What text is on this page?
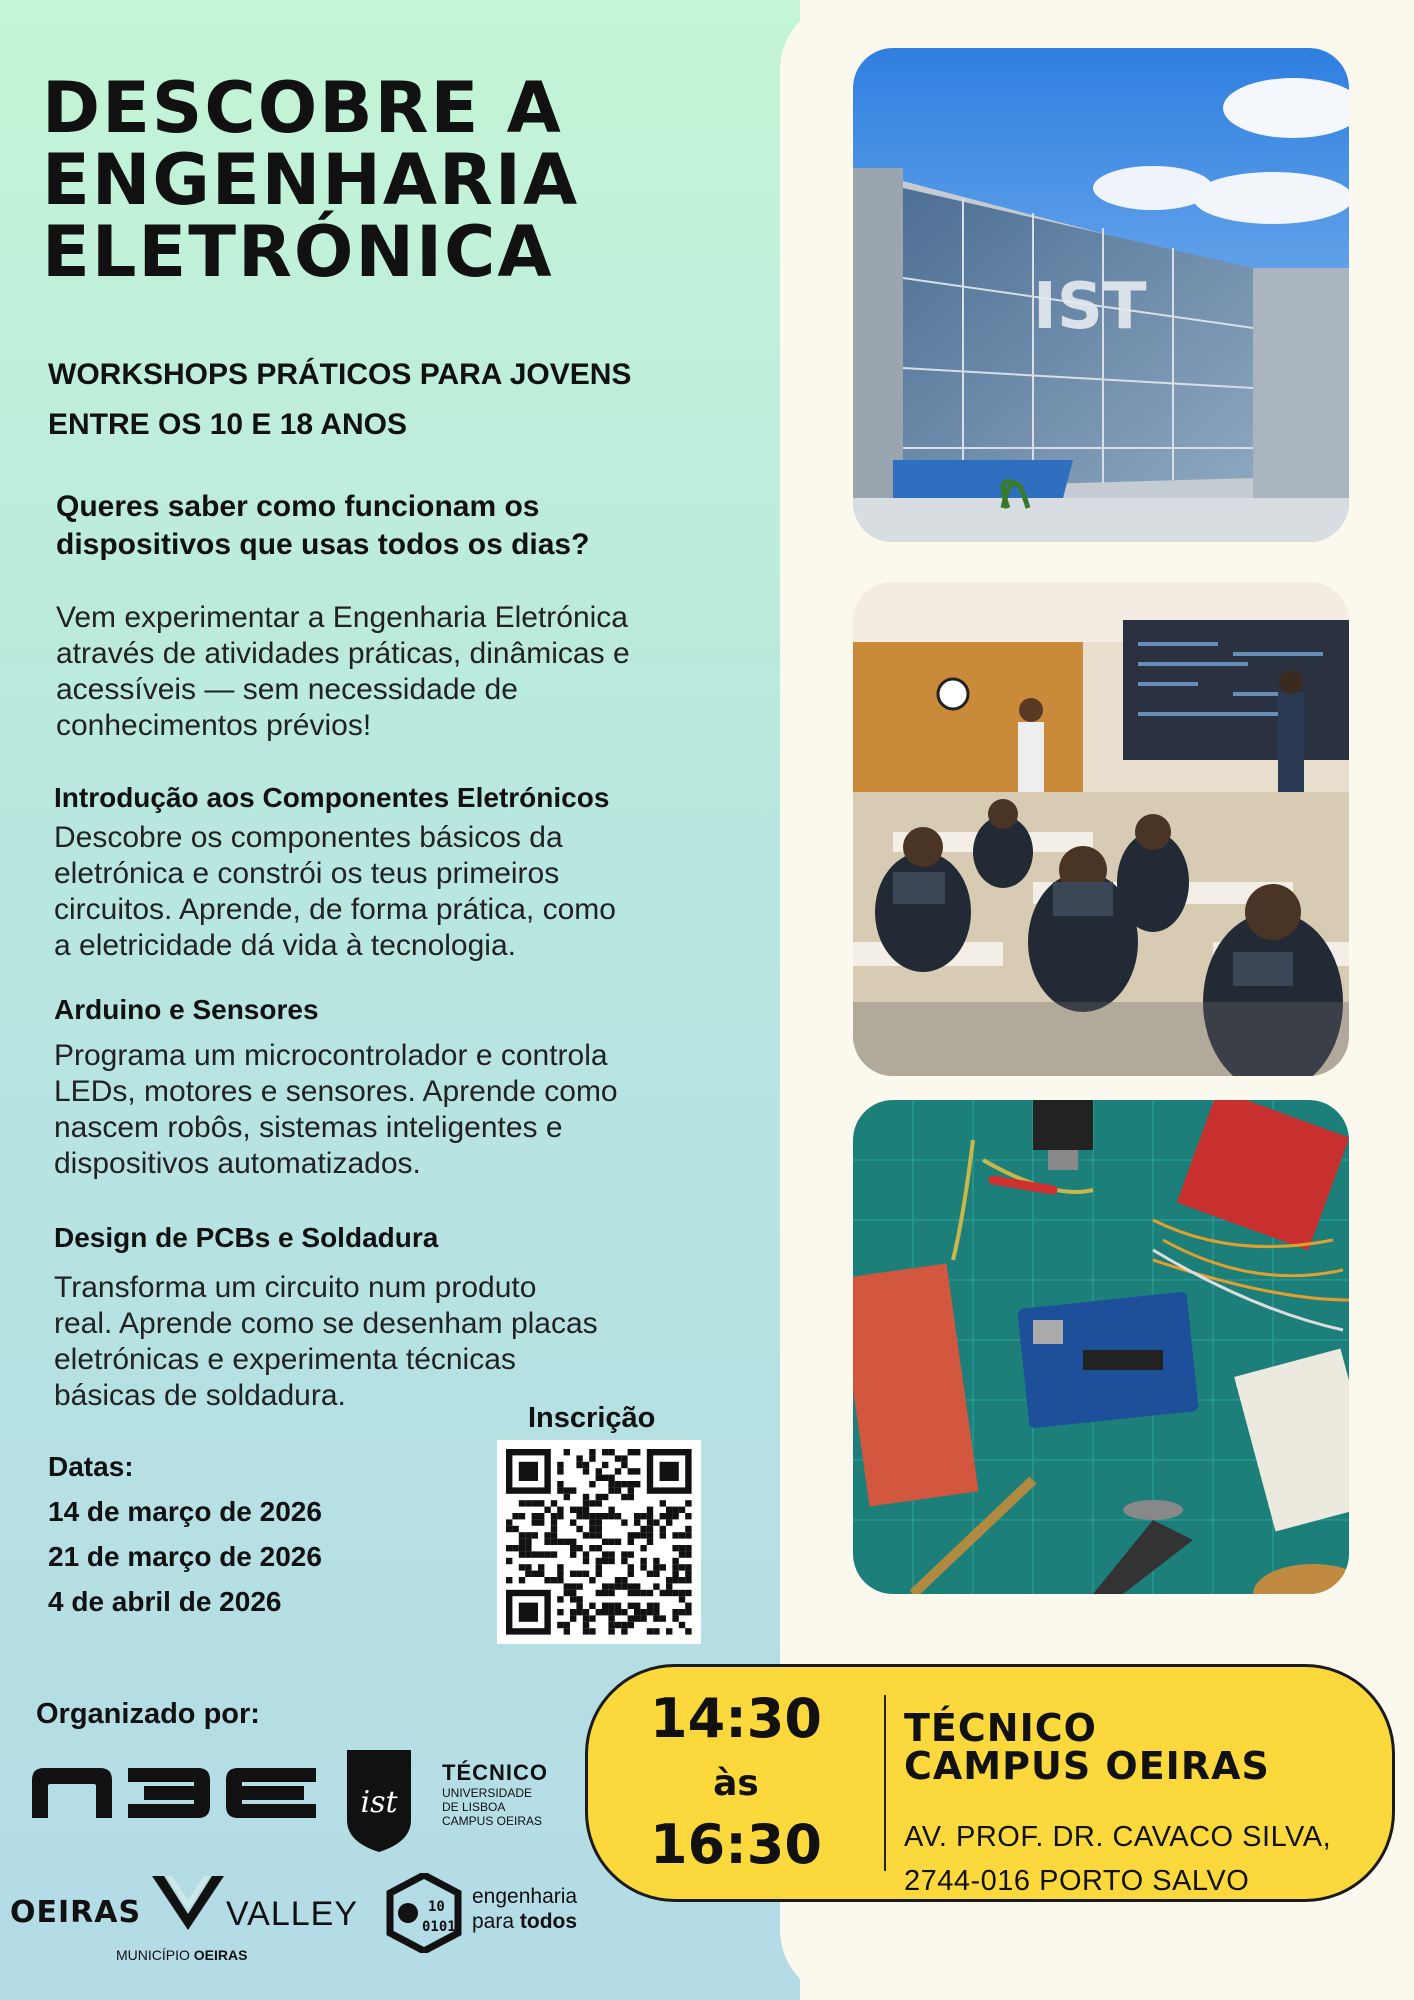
DESCOBRE A
ENGENHARIA
ELETRÓNICA
WORKSHOPS PRÁTICOS PARA JOVENS
ENTRE OS 10 E 18 ANOS

Queres saber como funcionam os

dispositivos que usas todos os dias?

Vem experimentar a Engenharia Eletrónica

através de atividades práticas, dinâmicas e

acessíveis — sem necessidade de

conhecimentos prévios!

Introdução aos Componentes Eletrónicos

Descobre os componentes básicos da

eletrónica e constrói os teus primeiros

circuitos. Aprende, de forma prática, como

a eletricidade dá vida à tecnologia.

Arduino e Sensores

Programa um microcontrolador e controla

LEDs, motores e sensores. Aprende como

nascem robôs, sistemas inteligentes e

dispositivos automatizados.

Design de PCBs e Soldadura

Transforma um circuito num produto

real. Aprende como se desenham placas

eletrónicas e experimenta técnicas

básicas de soldadura.

Datas:
14 de março de 2026
21 de março de 2026
4 de abril de 2026
Inscrição
Organizado por:
nee
ist
TÉCNICO
UNIVERSIDADE
DE LISBOA
CAMPUS OEIRAS
OEIRAS VALLEY
MUNICÍPIO OEIRAS
10
0101
engenharia
para todos
IST
14:30
às
16:30
TÉCNICO
CAMPUS OEIRAS
AV. PROF. DR. CAVACO SILVA,
2744-016 PORTO SALVO
